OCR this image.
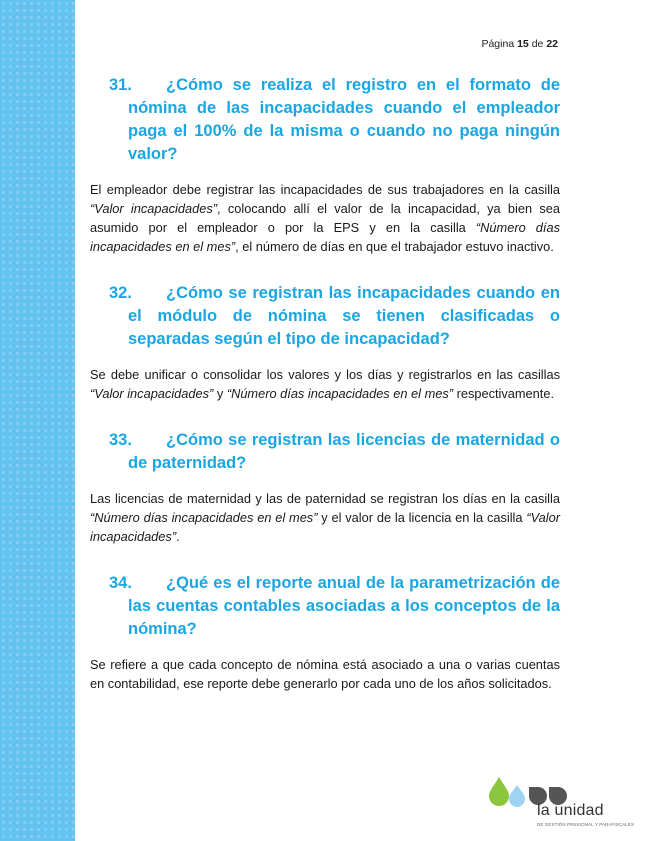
Página 15 de 22
31. ¿Cómo se realiza el registro en el formato de nómina de las incapacidades cuando el empleador paga el 100% de la misma o cuando no paga ningún valor?

El empleador debe registrar las incapacidades de sus trabajadores en la casilla “Valor incapacidades”, colocando allí el valor de la incapacidad, ya bien sea asumido por el empleador o por la EPS y en la casilla “Número días incapacidades en el mes”, el número de días en que el trabajador estuvo inactivo.

32. ¿Cómo se registran las incapacidades cuando en el módulo de nómina se tienen clasificadas o separadas según el tipo de incapacidad?

Se debe unificar o consolidar los valores y los días y registrarlos en las casillas “Valor incapacidades” y “Número días incapacidades en el mes” respectivamente.

33. ¿Cómo se registran las licencias de maternidad o de paternidad?

Las licencias de maternidad y las de paternidad se registran los días en la casilla “Número días incapacidades en el mes” y el valor de la licencia en la casilla “Valor incapacidades”.

34. ¿Qué es el reporte anual de la parametrización de las cuentas contables asociadas a los conceptos de la nómina?

Se refiere a que cada concepto de nómina está asociado a una o varias cuentas en contabilidad, ese reporte debe generarlo por cada uno de los años solicitados.

la unidad
DE GESTIÓN PENSIONAL Y PARAFISCALES
